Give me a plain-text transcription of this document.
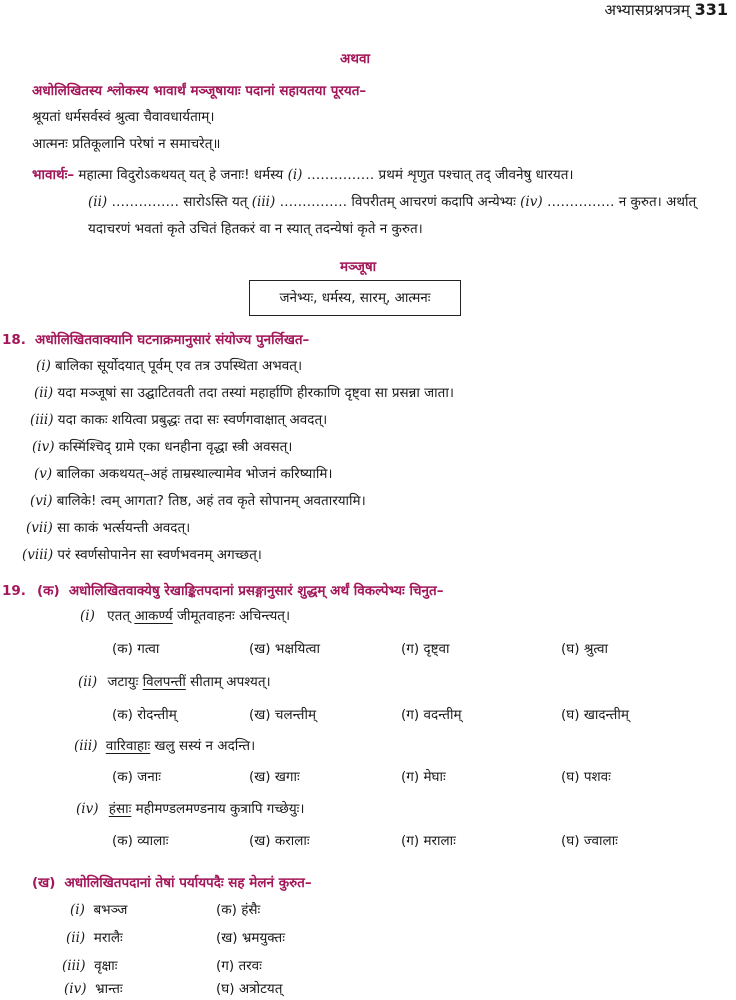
अभ्यासप्रश्नपत्रम् 331
अथवा
अधोलिखितस्य श्लोकस्य भावार्थं मञ्जूषायाः पदानां सहायतया पूरयत–
श्रूयतां धर्मसर्वस्वं श्रुत्वा चैवावधार्यताम्।
आत्मनः प्रतिकूलानि परेषां न समाचरेत्॥
भावार्थः– महात्मा विदुरोऽकथयत् यत् हे जनाः! धर्मस्य (i) …………… प्रथमं शृणुत पश्चात् तद् जीवनेषु धारयत।
(ii) …………… सारोऽस्ति यत् (iii) …………… विपरीतम् आचरणं कदापि अन्येभ्यः (iv) …………… न कुरुत। अर्थात्
यदाचरणं भवतां कृते उचितं हितकरं वा न स्यात् तदन्येषां कृते न कुरुत।
मञ्जूषा
जनेभ्यः, धर्मस्य, सारम्, आत्मनः
18. अधोलिखितवाक्यानि घटनाक्रमानुसारं संयोज्य पुनर्लिखत–
(i) बालिका सूर्योदयात् पूर्वम् एव तत्र उपस्थिता अभवत्।
(ii) यदा मञ्जूषां सा उद्घाटितवती तदा तस्यां महार्हाणि हीरकाणि दृष्ट्वा सा प्रसन्ना जाता।
(iii) यदा काकः शयित्वा प्रबुद्धः तदा सः स्वर्णगवाक्षात् अवदत्।
(iv) कस्मिंश्चिद् ग्रामे एका धनहीना वृद्धा स्त्री अवसत्।
(v) बालिका अकथयत्–अहं ताम्रस्थाल्यामेव भोजनं करिष्यामि।
(vi) बालिके! त्वम् आगता? तिष्ठ, अहं तव कृते सोपानम् अवतारयामि।
(vii) सा काकं भर्त्सयन्ती अवदत्।
(viii) परं स्वर्णसोपानेन सा स्वर्णभवनम् अगच्छत्।
19. (क) अधोलिखितवाक्येषु रेखाङ्कितपदानां प्रसङ्गानुसारं शुद्धम् अर्थं विकल्पेभ्यः चिनुत–
(i) एतत् आकर्ण्य जीमूतवाहनः अचिन्त्यत्।
(क) गत्वा	(ख) भक्षयित्वा	(ग) दृष्ट्वा	(घ) श्रुत्वा
(ii) जटायुः विलपन्तीं सीताम् अपश्यत्।
(क) रोदन्तीम्	(ख) चलन्तीम्	(ग) वदन्तीम्	(घ) खादन्तीम्
(iii) वारिवाहाः खलु सस्यं न अदन्ति।
(क) जनाः	(ख) खगाः	(ग) मेघाः	(घ) पशवः
(iv) हंसाः महीमण्डलमण्डनाय कुत्रापि गच्छेयुः।
(क) व्यालाः	(ख) करालाः	(ग) मरालाः	(घ) ज्वालाः
(ख) अधोलिखितपदानां तेषां पर्यायपदैः सह मेलनं कुरुत–
(i) बभञ्ज	(क) हंसैः
(ii) मरालैः	(ख) भ्रमयुक्तः
(iii) वृक्षाः	(ग) तरवः
(iv) भ्रान्तः	(घ) अत्रोटयत्
